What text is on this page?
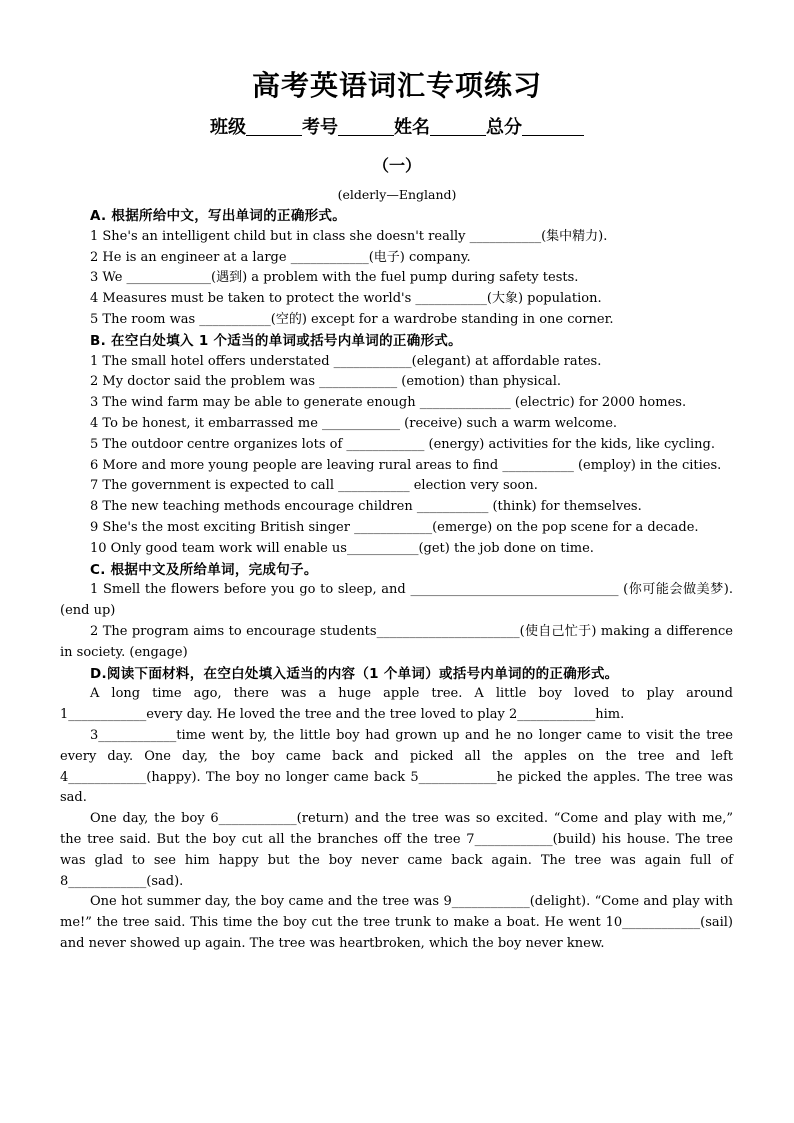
高考英语词汇专项练习
班级	考号	姓名	总分
（一）
(elderly—England)

A. 根据所给中文，写出单词的正确形式。

1 She's an intelligent child but in class she doesn't really ___________(集中精力).

2 He is an engineer at a large ____________(电子) company.

3 We _____________(遇到) a problem with the fuel pump during safety tests.

4 Measures must be taken to protect the world's ___________(大象) population.

5 The room was ___________(空的) except for a wardrobe standing in one corner.

B. 在空白处填入 1 个适当的单词或括号内单词的正确形式。

1 The small hotel offers understated ____________(elegant) at affordable rates.

2 My doctor said the problem was ____________ (emotion) than physical.

3 The wind farm may be able to generate enough ______________ (electric) for 2000 homes.

4 To be honest, it embarrassed me ____________ (receive) such a warm welcome.

5 The outdoor centre organizes lots of ____________ (energy) activities for the kids, like cycling.

6 More and more young people are leaving rural areas to find ___________ (employ) in the cities.

7 The government is expected to call ___________ election very soon.

8 The new teaching methods encourage children ___________ (think) for themselves.

9 She's the most exciting British singer ____________(emerge) on the pop scene for a decade.

10 Only good team work will enable us___________(get) the job done on time.

C. 根据中文及所给单词，完成句子。

1 Smell the flowers before you go to sleep, and ________________________________ (你可能会做美梦). (end up)

2 The program aims to encourage students______________________(使自己忙于) making a difference in society. (engage)

D.阅读下面材料，在空白处填入适当的内容（1 个单词）或括号内单词的的正确形式。

A long time ago, there was a huge apple tree. A little boy loved to play around 1____________every day. He loved the tree and the tree loved to play 2____________him.

3____________time went by, the little boy had grown up and he no longer came to visit the tree every day. One day, the boy came back and picked all the apples on the tree and left 4____________(happy). The boy no longer came back 5____________he picked the apples. The tree was sad.

One day, the boy 6____________(return) and the tree was so excited. “Come and play with me,” the tree said. But the boy cut all the branches off the tree 7____________(build) his house. The tree was glad to see him happy but the boy never came back again. The tree was again full of 8____________(sad).

One hot summer day, the boy came and the tree was 9____________(delight). “Come and play with me!” the tree said. This time the boy cut the tree trunk to make a boat. He went 10____________(sail) and never showed up again. The tree was heartbroken, which the boy never knew.
